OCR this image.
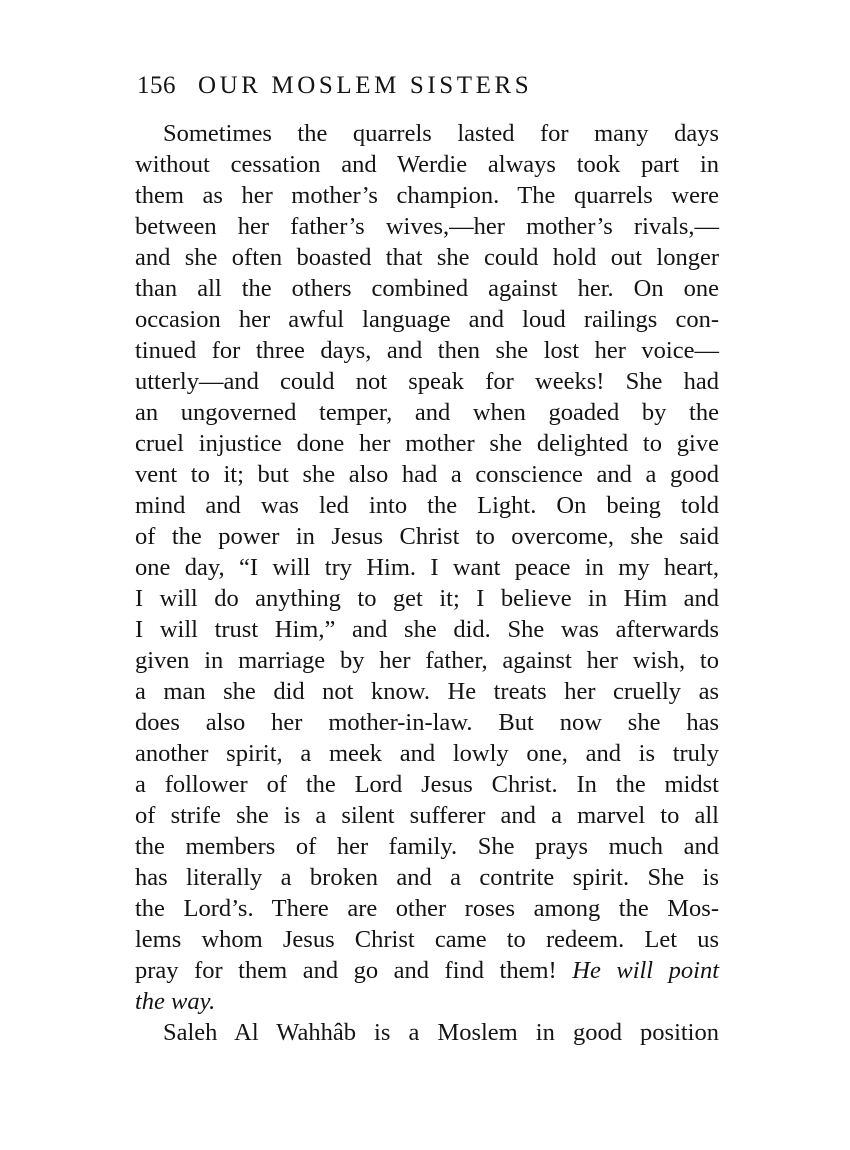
156 OUR MOSLEM SISTERS
Sometimes the quarrels lasted for many days
without cessation and Werdie always took part in
them as her mother’s champion. The quarrels were
between her father’s wives,—her mother’s rivals,—
and she often boasted that she could hold out longer
than all the others combined against her. On one
occasion her awful language and loud railings con-
tinued for three days, and then she lost her voice—
utterly—and could not speak for weeks! She had
an ungoverned temper, and when goaded by the
cruel injustice done her mother she delighted to give
vent to it; but she also had a conscience and a good
mind and was led into the Light. On being told
of the power in Jesus Christ to overcome, she said
one day, “I will try Him. I want peace in my heart,
I will do anything to get it; I believe in Him and
I will trust Him,” and she did. She was afterwards
given in marriage by her father, against her wish, to
a man she did not know. He treats her cruelly as
does also her mother-in-law. But now she has
another spirit, a meek and lowly one, and is truly
a follower of the Lord Jesus Christ. In the midst
of strife she is a silent sufferer and a marvel to all
the members of her family. She prays much and
has literally a broken and a contrite spirit. She is
the Lord’s. There are other roses among the Mos-
lems whom Jesus Christ came to redeem. Let us
pray for them and go and find them! He will point
the way.
Saleh Al Wahhâb is a Moslem in good position
